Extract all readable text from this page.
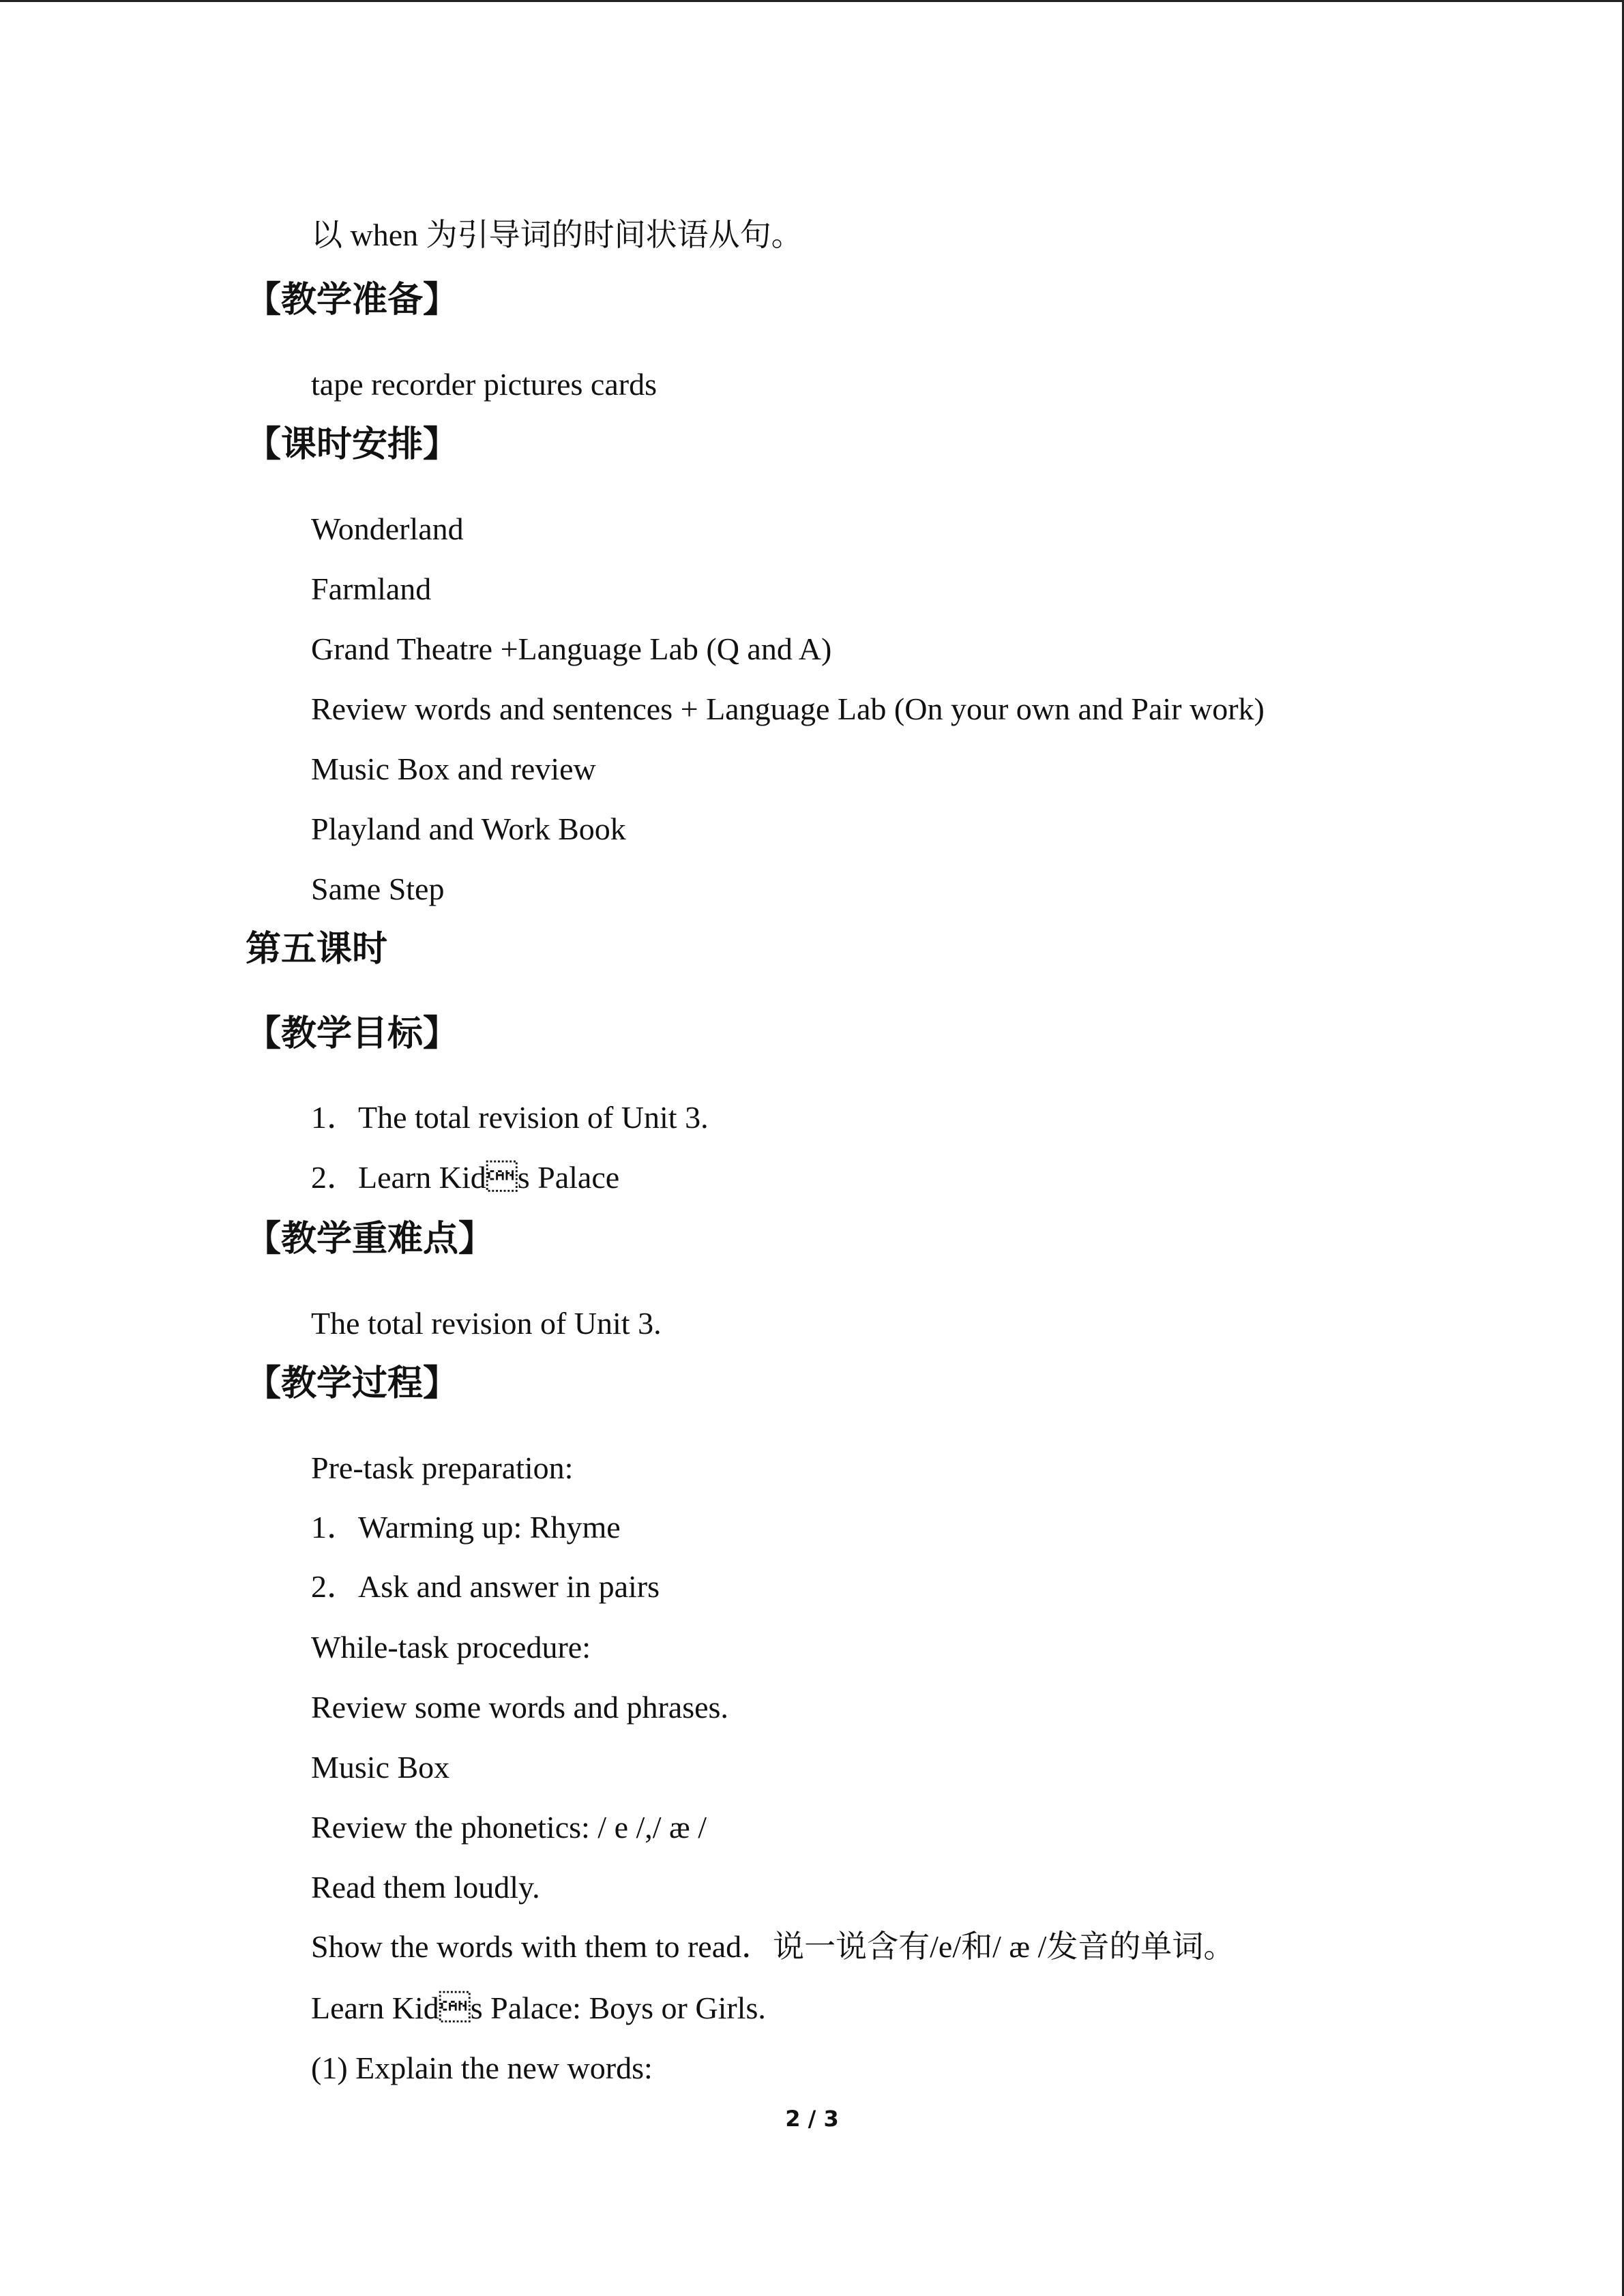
以 when 为引导词的时间状语从句。

【教学准备】

tape recorder pictures cards

【课时安排】

Wonderland

Farmland

Grand Theatre +Language Lab (Q and A)

Review words and sentences + Language Lab (On your own and Pair work)

Music Box and review

Playland and Work Book

Same Step

第五课时

【教学目标】

1．The total revision of Unit 3.

2．Learn Kids Palace

【教学重难点】

The total revision of Unit 3.

【教学过程】

Pre-task preparation:

1．Warming up: Rhyme

2．Ask and answer in pairs

While-task procedure:

Review some words and phrases.

Music Box

Review the phonetics: / e /,/ æ /

Read them loudly.

Show the words with them to read．说一说含有/e/和/ æ /发音的单词。

Learn Kids Palace: Boys or Girls.

(1) Explain the new words:

2 / 3
